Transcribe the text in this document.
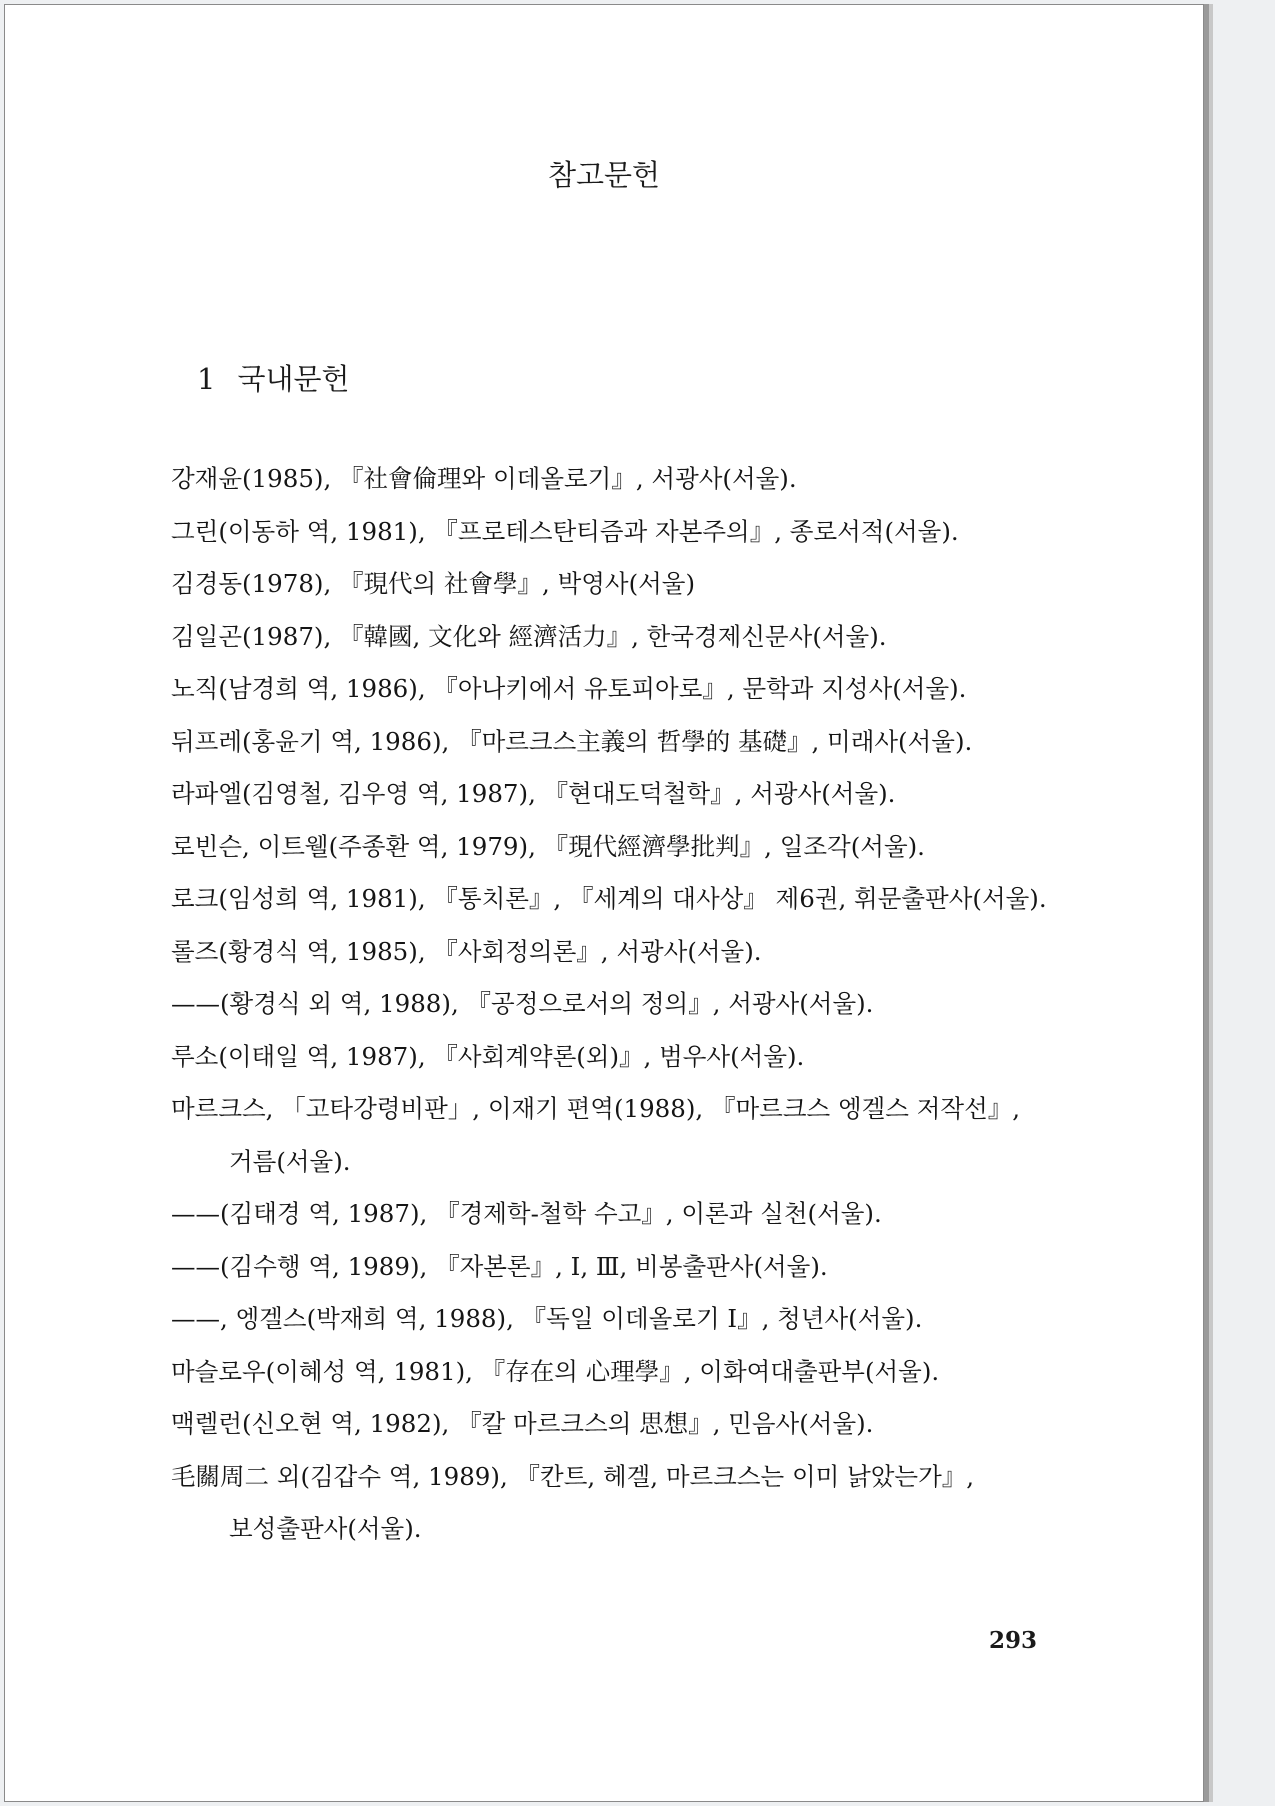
참고문헌
1 국내문헌
강재윤(1985), 『社會倫理와 이데올로기』, 서광사(서울).
그린(이동하 역, 1981), 『프로테스탄티즘과 자본주의』, 종로서적(서울).
김경동(1978), 『現代의 社會學』, 박영사(서울)
김일곤(1987), 『韓國, 文化와 經濟活力』, 한국경제신문사(서울).
노직(남경희 역, 1986), 『아나키에서 유토피아로』, 문학과 지성사(서울).
뒤프레(홍윤기 역, 1986), 『마르크스主義의 哲學的 基礎』, 미래사(서울).
라파엘(김영철, 김우영 역, 1987), 『현대도덕철학』, 서광사(서울).
로빈슨, 이트웰(주종환 역, 1979), 『現代經濟學批判』, 일조각(서울).
로크(임성희 역, 1981), 『통치론』, 『세계의 대사상』 제6권, 휘문출판사(서울).
롤즈(황경식 역, 1985), 『사회정의론』, 서광사(서울).
——(황경식 외 역, 1988), 『공정으로서의 정의』, 서광사(서울).
루소(이태일 역, 1987), 『사회계약론(외)』, 범우사(서울).
마르크스, 「고타강령비판」, 이재기 편역(1988), 『마르크스 엥겔스 저작선』, 거름(서울).
——(김태경 역, 1987), 『경제학-철학 수고』, 이론과 실천(서울).
——(김수행 역, 1989), 『자본론』, Ⅰ, Ⅲ, 비봉출판사(서울).
——, 엥겔스(박재희 역, 1988), 『독일 이데올로기 Ⅰ』, 청년사(서울).
마슬로우(이혜성 역, 1981), 『存在의 心理學』, 이화여대출판부(서울).
맥렐런(신오현 역, 1982), 『칼 마르크스의 思想』, 민음사(서울).
毛關周二 외(김갑수 역, 1989), 『칸트, 헤겔, 마르크스는 이미 낡았는가』, 보성출판사(서울).

293
